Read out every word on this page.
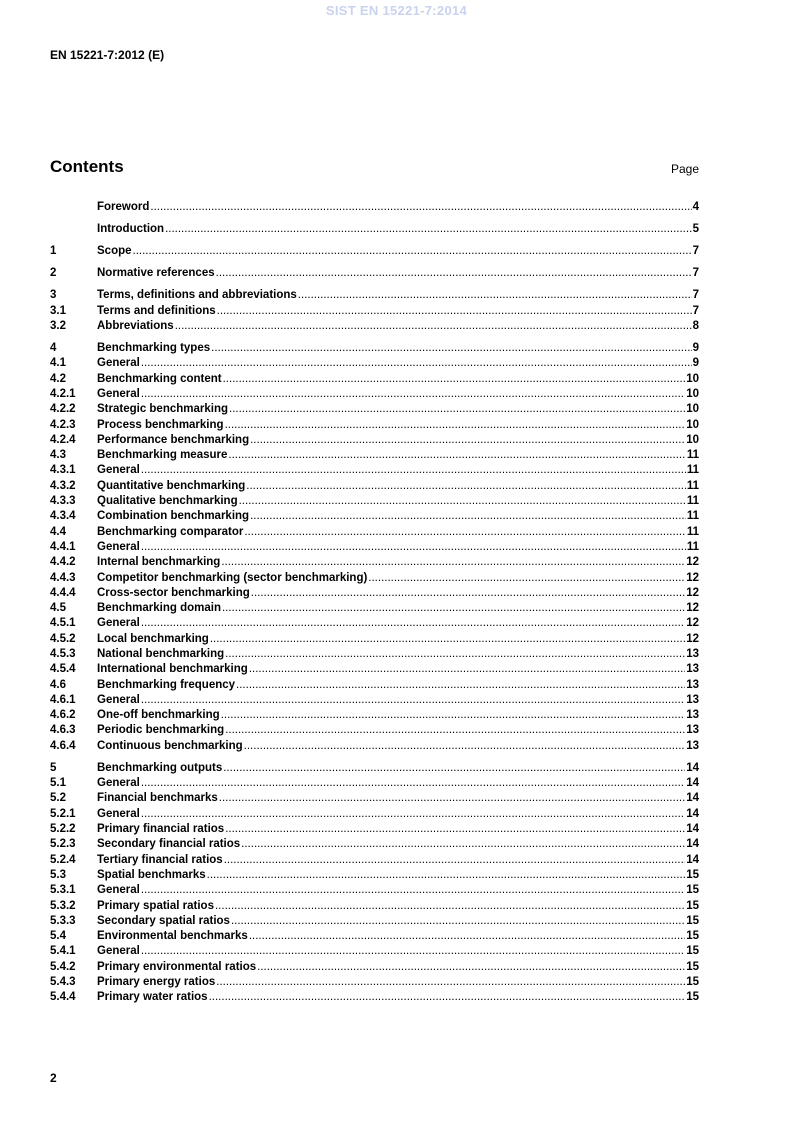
SIST EN 15221-7:2014
EN 15221-7:2012 (E)
Contents	Page
Foreword .....	4
Introduction .....	5
1	Scope .....	7
2	Normative references .....	7
3	Terms, definitions and abbreviations .....	7
3.1	Terms and definitions .....	7
3.2	Abbreviations .....	8
4	Benchmarking types .....	9
4.1	General .....	9
4.2	Benchmarking content .....	10
4.2.1	General .....	10
4.2.2	Strategic benchmarking .....	10
4.2.3	Process benchmarking .....	10
4.2.4	Performance benchmarking .....	10
4.3	Benchmarking measure .....	11
4.3.1	General .....	11
4.3.2	Quantitative benchmarking .....	11
4.3.3	Qualitative benchmarking .....	11
4.3.4	Combination benchmarking .....	11
4.4	Benchmarking comparator .....	11
4.4.1	General .....	11
4.4.2	Internal benchmarking .....	12
4.4.3	Competitor benchmarking (sector benchmarking) .....	12
4.4.4	Cross-sector benchmarking .....	12
4.5	Benchmarking domain .....	12
4.5.1	General .....	12
4.5.2	Local benchmarking .....	12
4.5.3	National benchmarking .....	13
4.5.4	International benchmarking .....	13
4.6	Benchmarking frequency .....	13
4.6.1	General .....	13
4.6.2	One-off benchmarking .....	13
4.6.3	Periodic benchmarking .....	13
4.6.4	Continuous benchmarking .....	13
5	Benchmarking outputs .....	14
5.1	General .....	14
5.2	Financial benchmarks .....	14
5.2.1	General .....	14
5.2.2	Primary financial ratios .....	14
5.2.3	Secondary financial ratios .....	14
5.2.4	Tertiary financial ratios .....	14
5.3	Spatial benchmarks .....	15
5.3.1	General .....	15
5.3.2	Primary spatial ratios .....	15
5.3.3	Secondary spatial ratios .....	15
5.4	Environmental benchmarks .....	15
5.4.1	General .....	15
5.4.2	Primary environmental ratios .....	15
5.4.3	Primary energy ratios .....	15
5.4.4	Primary water ratios .....	15
2
